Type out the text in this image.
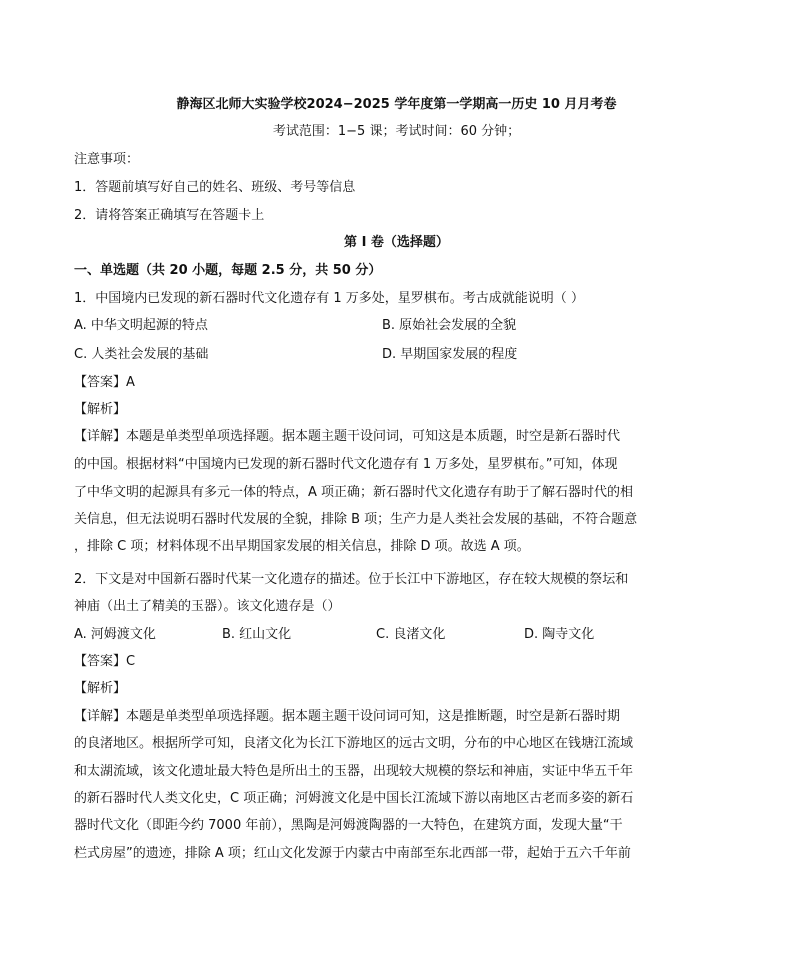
静海区北师大实验学校2024−2025 学年度第一学期高一历史 10 月月考卷
考试范围：1−5 课；考试时间：60 分钟；
注意事项：
1．答题前填写好自己的姓名、班级、考号等信息
2．请将答案正确填写在答题卡上
第 I 卷（选择题）
一、单选题（共 20 小题，每题 2.5 分，共 50 分）
1．中国境内已发现的新石器时代文化遗存有 1 万多处，星罗棋布。考古成就能说明（ ）
A. 中华文明起源的特点	B. 原始社会发展的全貌
C. 人类社会发展的基础	D. 早期国家发展的程度
【答案】A
【解析】
【详解】本题是单类型单项选择题。据本题主题干设问词，可知这是本质题，时空是新石器时代
的中国。根据材料“中国境内已发现的新石器时代文化遗存有 1 万多处，星罗棋布。”可知，体现
了中华文明的起源具有多元一体的特点，A 项正确；新石器时代文化遗存有助于了解石器时代的相
关信息，但无法说明石器时代发展的全貌，排除 B 项；生产力是人类社会发展的基础，不符合题意
，排除 C 项；材料体现不出早期国家发展的相关信息，排除 D 项。故选 A 项。
2．下文是对中国新石器时代某一文化遗存的描述。位于长江中下游地区，存在较大规模的祭坛和
神庙（出土了精美的玉器）。该文化遗存是（）
A. 河姆渡文化	B. 红山文化	C. 良渚文化	D. 陶寺文化
【答案】C
【解析】
【详解】本题是单类型单项选择题。据本题主题干设问词可知，这是推断题，时空是新石器时期
的良渚地区。根据所学可知，良渚文化为长江下游地区的远古文明，分布的中心地区在钱塘江流域
和太湖流域，该文化遗址最大特色是所出土的玉器，出现较大规模的祭坛和神庙，实证中华五千年
的新石器时代人类文化史，C 项正确；河姆渡文化是中国长江流域下游以南地区古老而多姿的新石
器时代文化（即距今约 7000 年前），黑陶是河姆渡陶器的一大特色，在建筑方面，发现大量“干
栏式房屋”的遗迹，排除 A 项；红山文化发源于内蒙古中南部至东北西部一带，起始于五六千年前
